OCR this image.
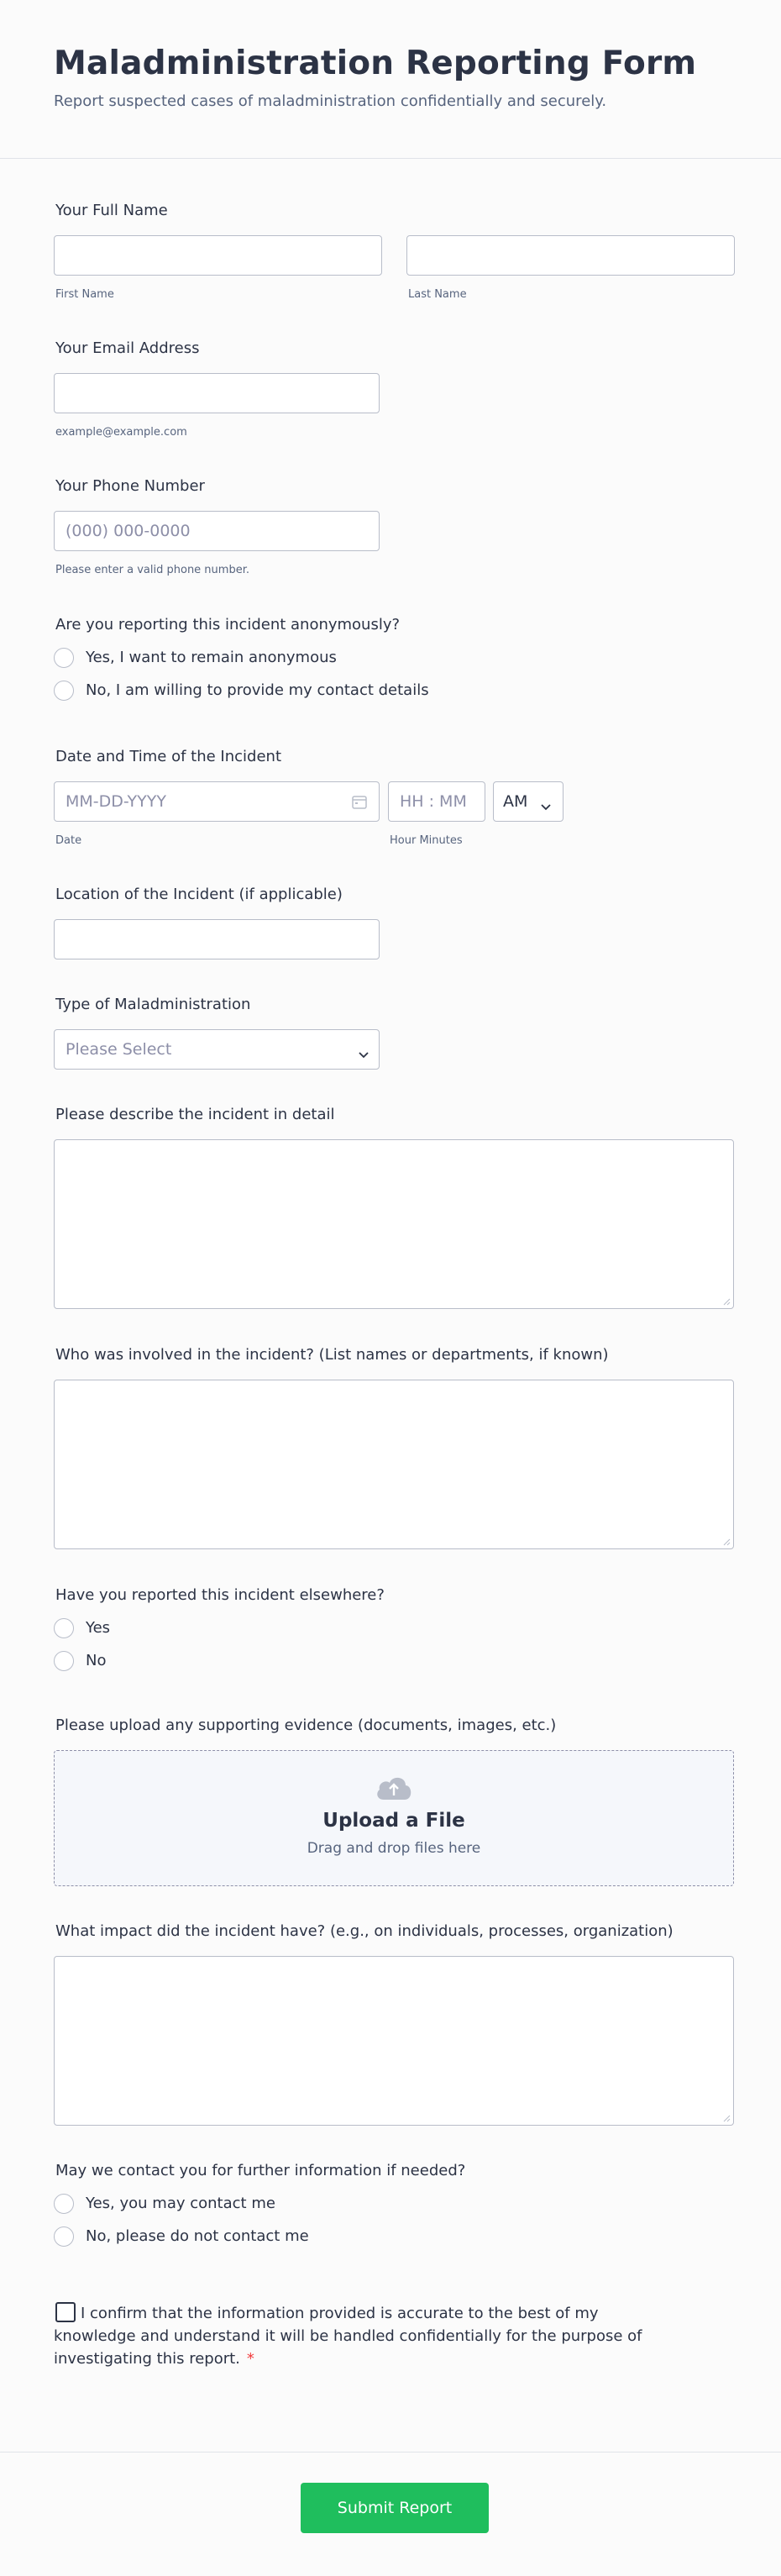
Maladministration Reporting Form

Report suspected cases of maladministration confidentially and securely.

Your Full Name
First Name	Last Name
Your Email Address
example@example.com
Your Phone Number
(000) 000-0000
Please enter a valid phone number.
Are you reporting this incident anonymously?
Yes, I want to remain anonymous
No, I am willing to provide my contact details
Date and Time of the Incident
MM-DD-YYYY
Date
HH : MM
Hour Minutes
AM
Location of the Incident (if applicable)
Type of Maladministration
Please Select
Please describe the incident in detail
Who was involved in the incident? (List names or departments, if known)
Have you reported this incident elsewhere?
Yes
No
Please upload any supporting evidence (documents, images, etc.)
Upload a File
Drag and drop files here
What impact did the incident have? (e.g., on individuals, processes, organization)
May we contact you for further information if needed?
Yes, you may contact me
No, please do not contact me
I confirm that the information provided is accurate to the best of my knowledge and understand it will be handled confidentially for the purpose of investigating this report. *
Submit Report
